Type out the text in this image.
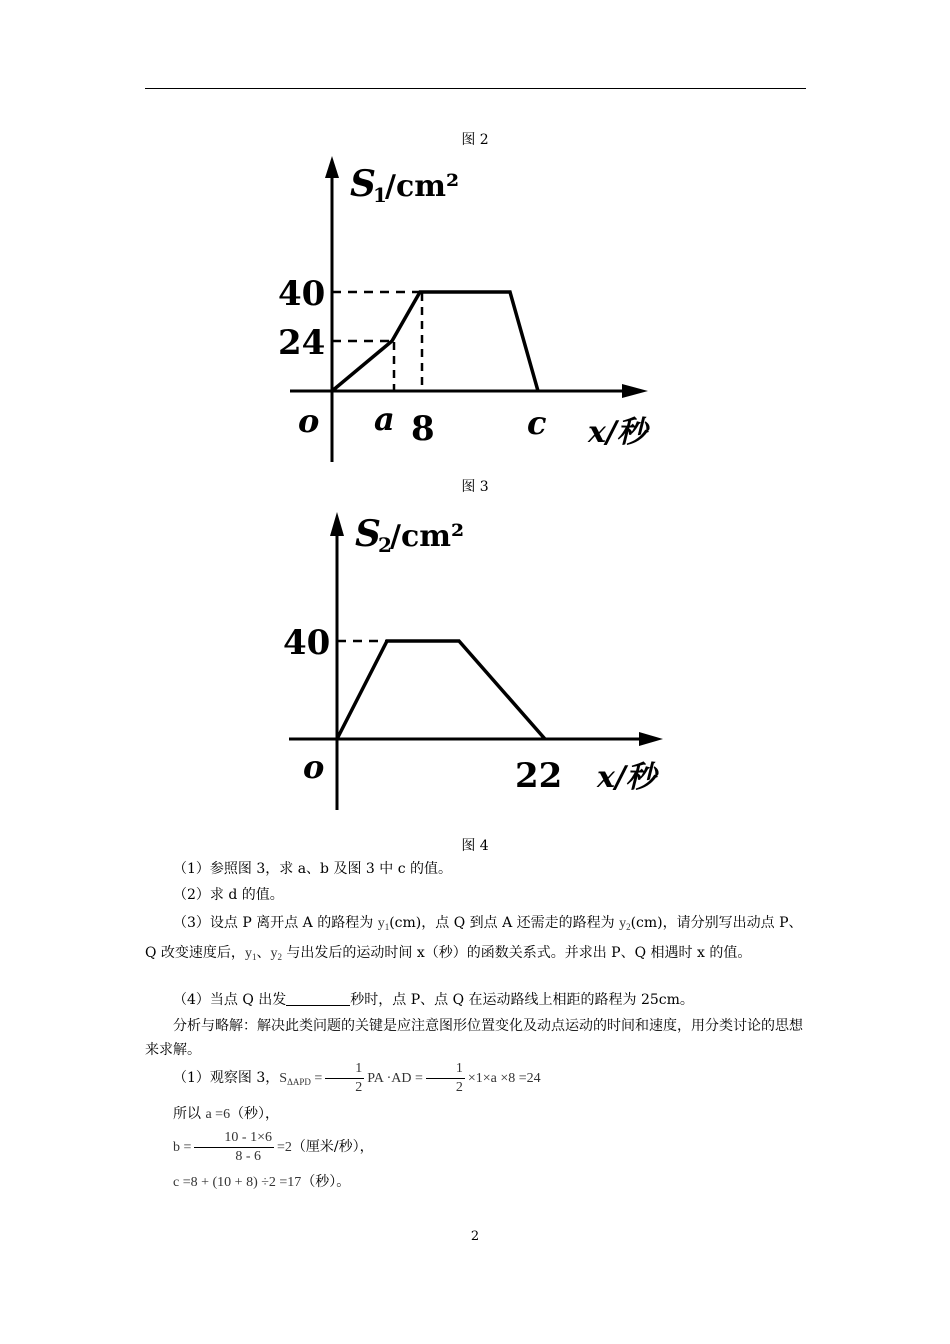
图 2
S
1
/cm²
40
24
o a 8	c x/秒
图 3
S
2
/cm²
40
o	22 x/秒
图 4
（1）参照图 3，求 a、b 及图 3 中 c 的值。
（2）求 d 的值。
（3）设点 P 离开点 A 的路程为 $y_1(cm)$，点 Q 到点 A 还需走的路程为 $y_2(cm)$，请分别写出动点 P、Q 改变速度后，$y_1$、$y_2$ 与出发后的运动时间 x（秒）的函数关系式。并求出 P、Q 相遇时 x 的值。
（4）当点 Q 出发	秒时，点 P、点 Q 在运动路线上相距的路程为 25cm。
分析与略解：解决此类问题的关键是应注意图形位置变化及动点运动的时间和速度，用分类讨论的思想来求解。
（1）观察图 3，$S_{\Delta APD} = \frac{1}{2}$ PA $\cdot AD = \frac{1}{2} \times 1\times a \times 8 =24$
所以 a =6（秒），
$b = \frac{10 - 1\times 6}{8 - 6} =2$（厘米/秒），
c =8 + (10 + 8) ÷2 =17（秒）。
2
